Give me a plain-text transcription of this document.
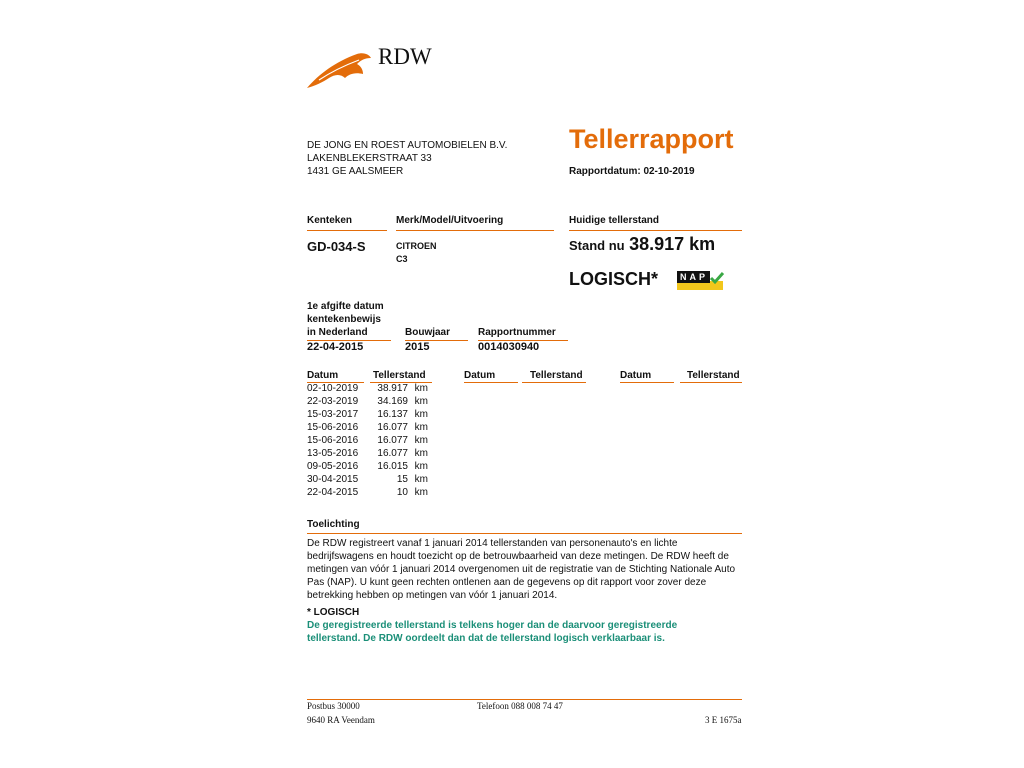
RDW
Tellerrapport
Rapportdatum: 02-10-2019
DE JONG EN ROEST AUTOMOBIELEN B.V.
LAKENBLEKERSTRAAT 33
1431 GE AALSMEER
Kenteken
GD-034-S
Merk/Model/Uitvoering
CITROEN
C3
Huidige tellerstand
Stand nu 38.917 km
LOGISCH*	NAP
1e afgifte datum
kentekenbewijs
in Nederland
22-04-2015
Bouwjaar
2015
Rapportnummer
0014030940
Datum	Tellerstand	Datum	Tellerstand	Datum	Tellerstand
02-10-2019 38.917 km
22-03-2019 34.169 km
15-03-2017 16.137 km
15-06-2016 16.077 km
15-06-2016 16.077 km
13-05-2016 16.077 km
09-05-2016 16.015 km
30-04-2015	15 km
22-04-2015	10 km
Toelichting
De RDW registreert vanaf 1 januari 2014 tellerstanden van personenauto's en lichte
bedrijfswagens en houdt toezicht op de betrouwbaarheid van deze metingen. De RDW heeft de
metingen van vóór 1 januari 2014 overgenomen uit de registratie van de Stichting Nationale Auto
Pas (NAP). U kunt geen rechten ontlenen aan de gegevens op dit rapport voor zover deze
betrekking hebben op metingen van vóór 1 januari 2014.
* LOGISCH
De geregistreerde tellerstand is telkens hoger dan de daarvoor geregistreerde
tellerstand. De RDW oordeelt dan dat de tellerstand logisch verklaarbaar is.
Postbus 30000
9640 RA Veendam
Telefoon 088 008 74 47
3 E 1675a
